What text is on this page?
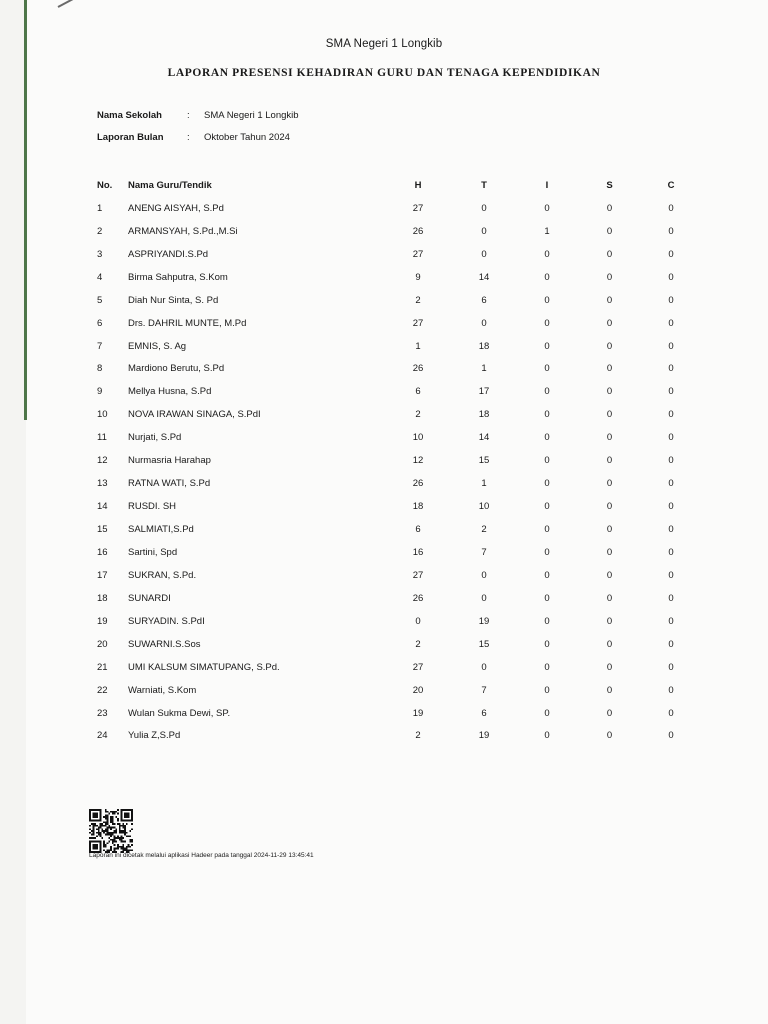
SMA Negeri 1 Longkib
LAPORAN PRESENSI KEHADIRAN GURU DAN TENAGA KEPENDIDIKAN
Nama Sekolah	: SMA Negeri 1 Longkib
Laporan Bulan : Oktober Tahun 2024
No.	Nama Guru/Tendik	H	T	I	S	C
1	ANENG AISYAH, S.Pd	27	0	0	0	0
2	ARMANSYAH, S.Pd.,M.Si	26	0	1	0	0
3	ASPRIYANDI.S.Pd	27	0	0	0	0
4	Birma Sahputra, S.Kom	9	14	0	0	0
5	Diah Nur Sinta, S. Pd	2	6	0	0	0
6	Drs. DAHRIL MUNTE, M.Pd	27	0	0	0	0
7	EMNIS, S. Ag	1	18	0	0	0
8	Mardiono Berutu, S.Pd	26	1	0	0	0
9	Mellya Husna, S.Pd	6	17	0	0	0
10	NOVA IRAWAN SINAGA, S.PdI	2	18	0	0	0
11	Nurjati, S.Pd	10	14	0	0	0
12	Nurmasria Harahap	12	15	0	0	0
13	RATNA WATI, S.Pd	26	1	0	0	0
14	RUSDI. SH	18	10	0	0	0
15	SALMIATI,S.Pd	6	2	0	0	0
16	Sartini, Spd	16	7	0	0	0
17	SUKRAN, S.Pd.	27	0	0	0	0
18	SUNARDI	26	0	0	0	0
19	SURYADIN. S.PdI	0	19	0	0	0
20	SUWARNI.S.Sos	2	15	0	0	0
21	UMI KALSUM SIMATUPANG, S.Pd.	27	0	0	0	0
22	Warniati, S.Kom	20	7	0	0	0
23	Wulan Sukma Dewi, SP.	19	6	0	0	0
24	Yulia Z,S.Pd	2	19	0	0	0
Laporan ini dicetak melalui aplikasi Hadeer pada tanggal 2024-11-29 13:45:41
